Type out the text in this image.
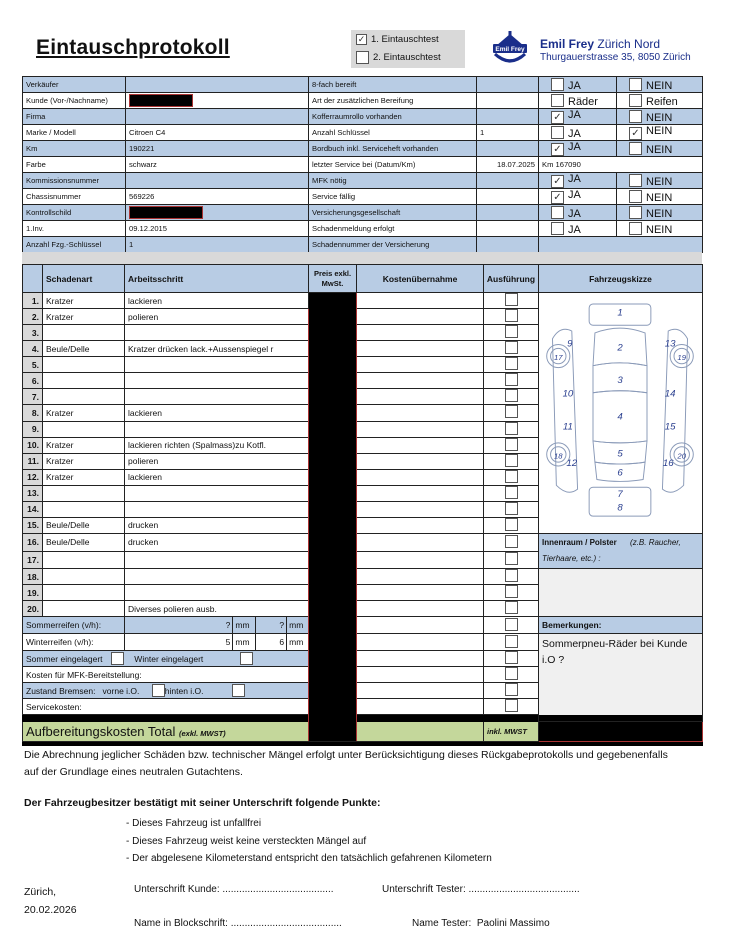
Eintauschprotokoll	✓ 1. Eintauschtest
2. Eintauschtest
Emil Frey Emil Frey Zürich Nord
Thurgauerstrasse 35, 8050 Zürich
Verkäufer		8-fach bereift		JA	NEIN
Kunde (Vor-/Nachname)		Art der zusätzlichen Bereifung		Räder	Reifen
Firma		Kofferraumrollo vorhanden		✓ JA	NEIN
Marke / Modell	Citroen C4	Anzahl Schlüssel	1	JA	✓ NEIN
Km	190221	Bordbuch inkl. Serviceheft vorhanden		✓ JA	NEIN
Farbe	schwarz	letzter Service bei (Datum/Km)	18.07.2025	Km 167090	
Kommissionsnummer		MFK nötig		✓ JA	NEIN
Chassisnummer	569226	Service fällig		✓ JA	NEIN
Kontrollschild		Versicherungsgesellschaft		JA	NEIN
1.Inv.	09.12.2015	Schadenmeldung erfolgt		JA	NEIN
Anzahl Fzg.-Schlüssel	1	Schadennummer der Versicherung			
	Schadenart	Arbeitsschritt	Preis exkl. MwSt.	Kostenübernahme	Ausführung	Fahrzeugskizze
1.	Kratzer	lackieren				
1
2
3
4
5
6
7
8
9
10
11
12
13
14
15
16
17
18
19
20

2.	Kratzer	polieren				
3.						
4.	Beule/Delle	Kratzer drücken lack.+Aussenspiegel r				
5.						
6.						
7.						
8.	Kratzer	lackieren				
9.						
10.	Kratzer	lackieren richten (Spalmass)zu Kotfl.				
11.	Kratzer	polieren				
12.	Kratzer	lackieren				
13.						
14.						
15.	Beule/Delle	drucken				
16.	Beule/Delle	drucken				Innenraum / Polster (z.B. Raucher, Tierhaare, etc.) :
17.						
18.						
19.						
20.		Diverses polieren ausb.				
Sommerreifen (v/h):		? mm ? mm				Bemerkungen:
Winterreifen (v/h):		5 mm 6 mm				Sommerpneu-Räder bei Kunde i.O ?
Sommer eingelagert Winter eingelagert						
Kosten für MFK-Bereitstellung:						
Zustand Bremsen: vorne i.O. hinten i.O.						
Servicekosten:						

Aufbereitungskosten Total (exkl. MWST)					inkl. MWST	

Die Abrechnung jeglicher Schäden bzw. technischer Mängel erfolgt unter Berücksichtigung dieses Rückgabeprotokolls und gegebenenfalls auf der Grundlage eines neutralen Gutachtens.
Der Fahrzeugbesitzer bestätigt mit seiner Unterschrift folgende Punkte:
- Dieses Fahrzeug ist unfallfrei
- Dieses Fahrzeug weist keine versteckten Mängel auf
- Der abgelesene Kilometerstand entspricht den tatsächlich gefahrenen Kilometern
Zürich,
20.02.2026
Unterschrift Kunde: ........................................	Unterschrift Tester: ........................................
Name in Blockschrift: ........................................	Name Tester: Paolini Massimo
